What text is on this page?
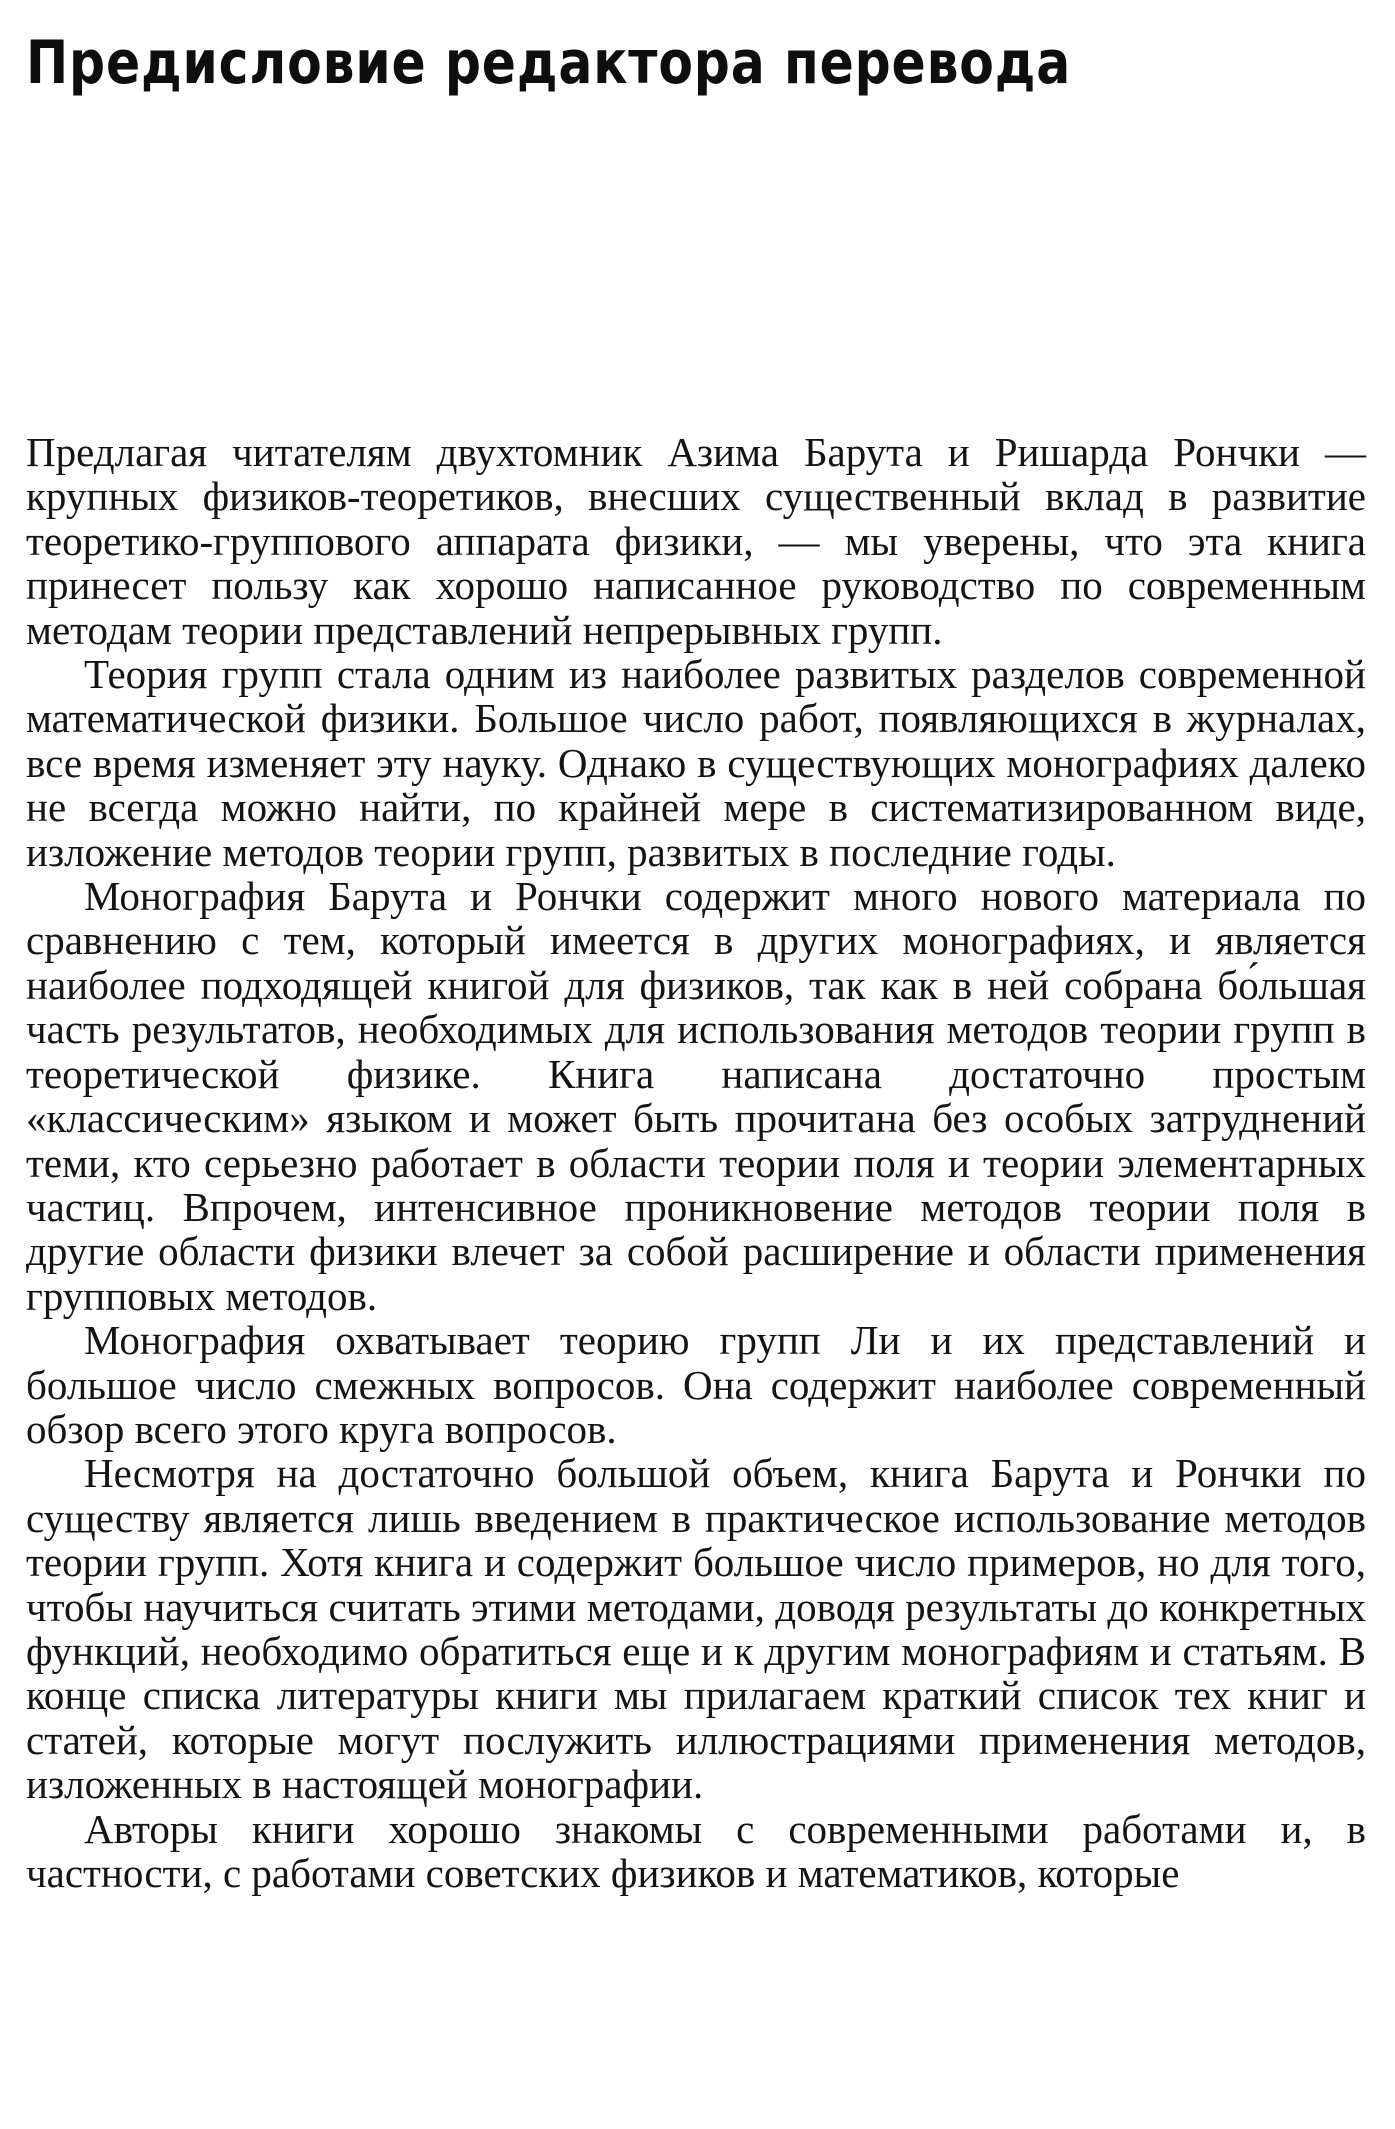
Предисловие редактора перевода

Предлагая читателям двухтомник Азима Барута и Ришарда Рончки — крупных физиков-теоретиков, внесших существенный вклад в развитие теоретико-группового аппарата физики, — мы уверены, что эта книга принесет пользу как хорошо написанное руководство по современным методам теории представлений непрерывных групп.

Теория групп стала одним из наиболее развитых разделов современной математической физики. Большое число работ, появляющихся в журналах, все время изменяет эту науку. Однако в существующих монографиях далеко не всегда можно найти, по крайней мере в систематизированном виде, изложение методов теории групп, развитых в последние годы.

Монография Барута и Рончки содержит много нового материала по сравнению с тем, который имеется в других монографиях, и является наиболее подходящей книгой для физиков, так как в ней собрана бо́льшая часть результатов, необходимых для использования методов теории групп в теоретической физике. Книга написана достаточно простым «классическим» языком и может быть прочитана без особых затруднений теми, кто серьезно работает в области теории поля и теории элементарных частиц. Впрочем, интенсивное проникновение методов теории поля в другие области физики влечет за собой расширение и области применения групповых методов.

Монография охватывает теорию групп Ли и их представлений и большое число смежных вопросов. Она содержит наиболее современный обзор всего этого круга вопросов.

Несмотря на достаточно большой объем, книга Барута и Рончки по существу является лишь введением в практическое использование методов теории групп. Хотя книга и содержит большое число примеров, но для того, чтобы научиться считать этими методами, доводя результаты до конкретных функций, необходимо обратиться еще и к другим монографиям и статьям. В конце списка литературы книги мы прилагаем краткий список тех книг и статей, которые могут послужить иллюстрациями применения методов, изложенных в настоящей монографии.

Авторы книги хорошо знакомы с современными работами и, в частности, с работами советских физиков и математиков, которые
